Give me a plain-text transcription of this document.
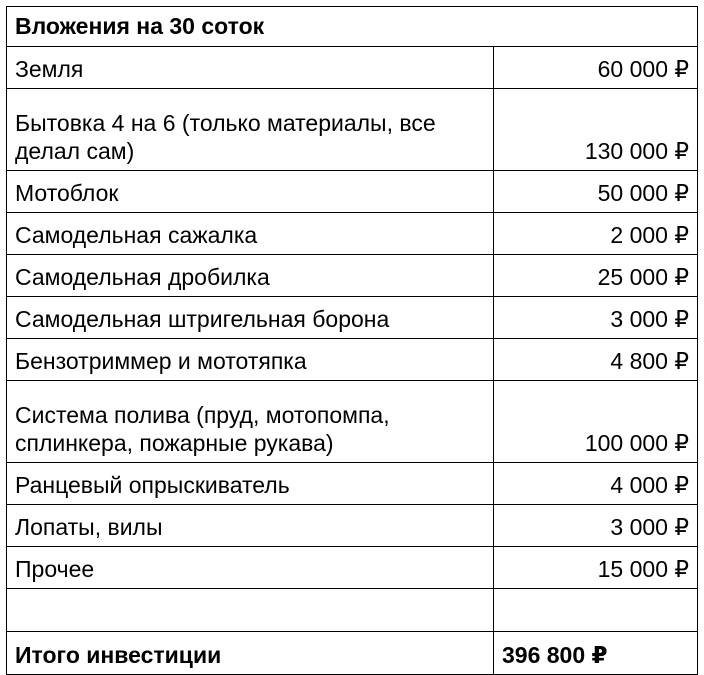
Вложения на 30 соток	
Земля	60 000 ₽
Бытовка 4 на 6 (только материалы, все делал сам)	130 000 ₽
Мотоблок	50 000 ₽
Самодельная сажалка	2 000 ₽
Самодельная дробилка	25 000 ₽
Самодельная штригельная борона	3 000 ₽
Бензотриммер и мототяпка	4 800 ₽
Система полива (пруд, мотопомпа, сплинкера, пожарные рукава)	100 000 ₽
Ранцевый опрыскиватель	4 000 ₽
Лопаты, вилы	3 000 ₽
Прочее	15 000 ₽

Итого инвестиции	396 800 ₽
